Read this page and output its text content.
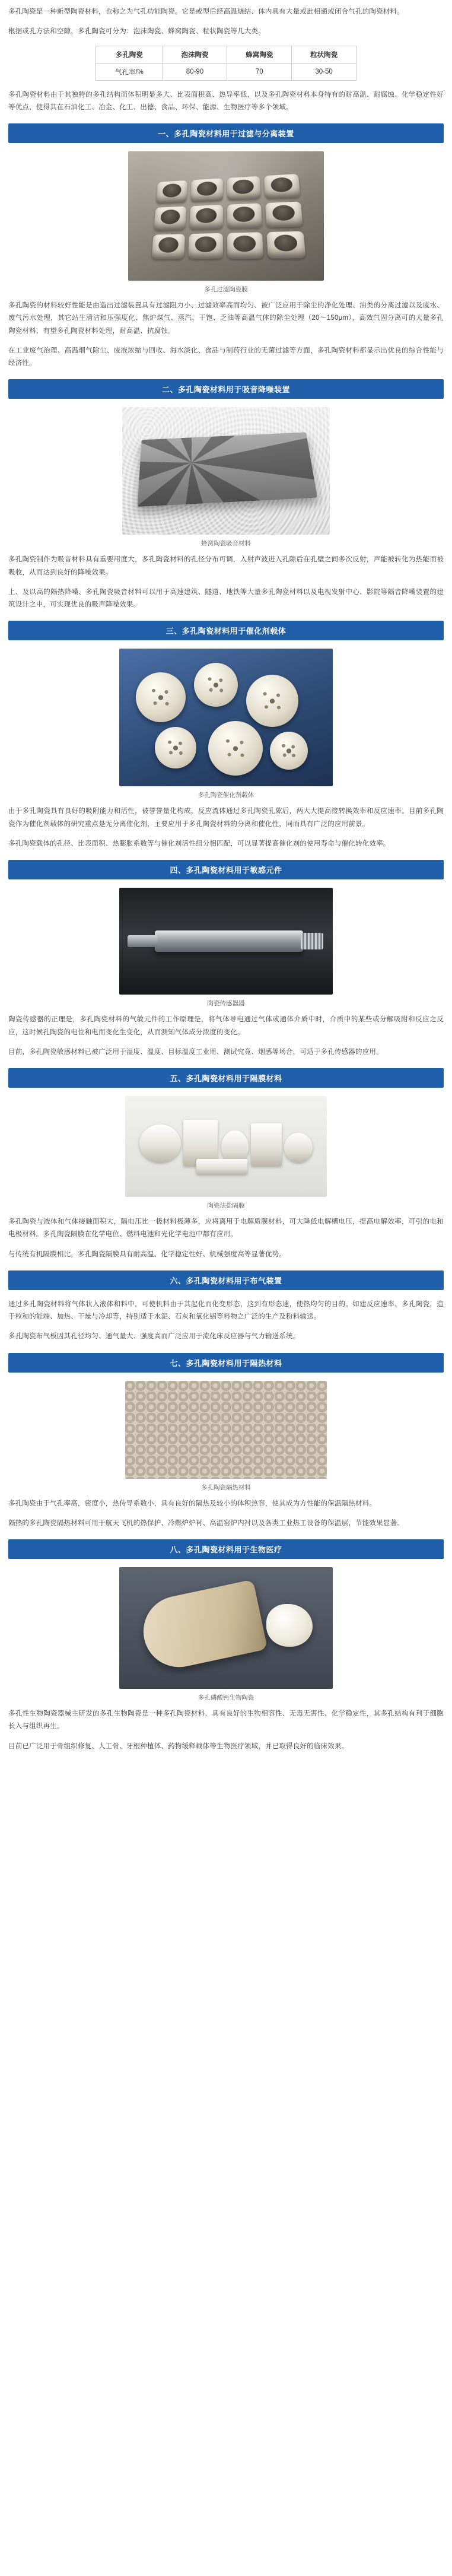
多孔陶瓷是一种新型陶瓷材料，也称之为气孔功能陶瓷。它是或型后经高温烧结、体内具有大量或此相通或闭合气孔的陶瓷材料。

根据或孔方法和空隙，多孔陶瓷可分为：泡沫陶瓷、蜂窝陶瓷、粒状陶瓷等几大类。

多孔陶瓷	泡沫陶瓷	蜂窝陶瓷	粒状陶瓷
气孔率/%	80-90	70	30-50

多孔陶瓷材料由于其独特的多孔结构而体积明显多大、比表面积高、热导率低，以及多孔陶瓷材料本身特有的耐高温、耐腐蚀、化学稳定性好等优点，使得其在石油化工、冶金、化工、出德、食品、环保、能源、生物医疗等多个领域。

一、多孔陶瓷材料用于过滤与分离装置
多孔过滤陶瓷膜

多孔陶瓷的材料较好性能是由造出过滤装置具有过滤阻力小、过滤效率高而均匀、被广泛应用于除尘的净化处理、油类的分离过滤以及废水、废气污水处理，其它站生清洁和压强度化、焦炉煤气、蒸汽、干饱、乏油等高温气体的除尘处理（20～150μm），高效气固分离可的大量多孔陶瓷材料，有望多孔陶瓷材料处理，耐高温、抗腐蚀。

在工业废气治理、高温烟气除尘、废液浓缩与回收、海水淡化、食品与制药行业的无菌过滤等方面，多孔陶瓷材料都显示出优良的综合性能与经济性。

二、多孔陶瓷材料用于吸音降噪装置
蜂窝陶瓷吸音材料

多孔陶瓷制作为吸音材料具有重要用度大，多孔陶瓷材料的孔径分布可调，入射声波进入孔隙后在孔壁之间多次反射，声能被转化为热能而被吸收，从而达到良好的降噪效果。

上、及以高的隔热降噪、多孔陶瓷吸音材料可以用于高速建筑、隧道、地铁等大量多孔陶瓷材料以及电视发射中心、影院等隔音降噪装置的建筑设计之中，可实现优良的吸声降噪效果。

三、多孔陶瓷材料用于催化剂载体
多孔陶瓷催化剂载体

由于多孔陶瓷具有良好的吸附能力和活性，被誉誉量化构成，反应流体通过多孔陶瓷孔隙后，两大大提高接转换效率和反应速率。目前多孔陶瓷作为催化剂载体的研究重点是无分离催化剂，主要应用于多孔陶瓷材料的分离和催化性，同而具有广泛的应用前景。

多孔陶瓷载体的孔径、比表面积、热膨胀系数等与催化剂活性组分相匹配，可以显著提高催化剂的使用寿命与催化转化效率。

四、多孔陶瓷材料用于敏感元件
陶瓷传感器器

陶瓷传感器的正理是，多孔陶瓷材料的气敏元件的工作原理是，将气体导电通过气体或通体介质中时，介质中的某些或分解吸附和反应之反应，这时候孔陶瓷的电位和电而变化生变化，从而测知气体成分浓度的变化。

目前，多孔陶瓷敏感材料已被广泛用于湿度、温度、目标温度工业用、测试究竟、烟感等场合，可适于多孔传感器的应用。

五、多孔陶瓷材料用于隔膜材料
陶瓷法盐隔膜

多孔陶瓷与液体和气体接触面积大，隔电压比一极材料极薄多，应将离用于电解质膜材料，可大降低电解槽电压，提高电解效率，可引的电和电极材料。多孔陶瓷隔膜在化学电位、燃料电池和光化学电池中都有应用。

与传统有机隔膜相比，多孔陶瓷隔膜具有耐高温、化学稳定性好、机械强度高等显著优势。

六、多孔陶瓷材料用于布气装置

通过多孔陶瓷材料将气体状入液体和料中，可使机料由于其起化而化变形态，这到有形态速，使热均匀的目的。如建反应速率、多孔陶瓷，造于粒和的能端、加热、干燥与冷却等，特别适于水泥、石灰和氧化铝等料物之广泛的生产及粉料输送。

多孔陶瓷布气板因其孔径均匀、通气量大、强度高而广泛应用于流化床反应器与气力输送系统。

七、多孔陶瓷材料用于隔热材料
多孔陶瓷隔热材料

多孔陶瓷由于气孔率高，密度小，热传导系数小，具有良好的隔热及较小的体积热容，使其成为方性能的保温隔热材料。

隔热的多孔陶瓷隔热材料可用于航天飞机的热保护、冷燃炉炉衬、高温窑炉内衬以及各类工业热工设备的保温层，节能效果显著。

八、多孔陶瓷材料用于生物医疗
多孔磷酸钙生物陶瓷

多孔性生物陶瓷器械主研发的多孔生物陶瓷是一种多孔陶瓷材料，具有良好的生物相容性、无毒无害性、化学稳定性，其多孔结构有利于细胞长入与组织再生。

目前已广泛用于骨组织修复、人工骨、牙根种植体、药物缓释载体等生物医疗领域，并已取得良好的临床效果。
